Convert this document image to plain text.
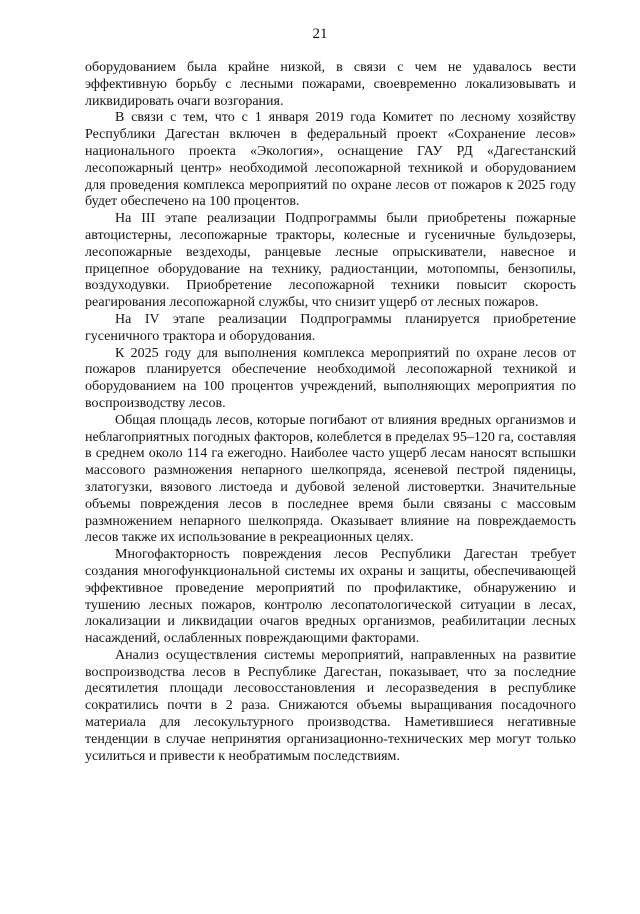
21

оборудованием была крайне низкой, в связи с чем не удавалось вести эффективную борьбу с лесными пожарами, своевременно локализовывать и ликвидировать очаги возгорания.

В связи с тем, что с 1 января 2019 года Комитет по лесному хозяйству Республики Дагестан включен в федеральный проект «Сохранение лесов» национального проекта «Экология», оснащение ГАУ РД «Дагестанский лесопожарный центр» необходимой лесопожарной техникой и оборудованием для проведения комплекса мероприятий по охране лесов от пожаров к 2025 году будет обеспечено на 100 процентов.

На III этапе реализации Подпрограммы были приобретены пожарные автоцистерны, лесопожарные тракторы, колесные и гусеничные бульдозеры, лесопожарные вездеходы, ранцевые лесные опрыскиватели, навесное и прицепное оборудование на технику, радиостанции, мотопомпы, бензопилы, воздуходувки. Приобретение лесопожарной техники повысит скорость реагирования лесопожарной службы, что снизит ущерб от лесных пожаров.

На IV этапе реализации Подпрограммы планируется приобретение гусеничного трактора и оборудования.

К 2025 году для выполнения комплекса мероприятий по охране лесов от пожаров планируется обеспечение необходимой лесопожарной техникой и оборудованием на 100 процентов учреждений, выполняющих мероприятия по воспроизводству лесов.

Общая площадь лесов, которые погибают от влияния вредных организмов и неблагоприятных погодных факторов, колеблется в пределах 95–120 га, составляя в среднем около 114 га ежегодно. Наиболее часто ущерб лесам наносят вспышки массового размножения непарного шелкопряда, ясеневой пестрой пяденицы, златогузки, вязового листоеда и дубовой зеленой листовертки. Значительные объемы повреждения лесов в последнее время были связаны с массовым размножением непарного шелкопряда. Оказывает влияние на повреждаемость лесов также их использование в рекреационных целях.

Многофакторность повреждения лесов Республики Дагестан требует создания многофункциональной системы их охраны и защиты, обеспечивающей эффективное проведение мероприятий по профилактике, обнаружению и тушению лесных пожаров, контролю лесопатологической ситуации в лесах, локализации и ликвидации очагов вредных организмов, реабилитации лесных насаждений, ослабленных повреждающими факторами.

Анализ осуществления системы мероприятий, направленных на развитие воспроизводства лесов в Республике Дагестан, показывает, что за последние десятилетия площади лесовосстановления и лесоразведения в республике сократились почти в 2 раза. Снижаются объемы выращивания посадочного материала для лесокультурного производства. Наметившиеся негативные тенденции в случае непринятия организационно-технических мер могут только усилиться и привести к необратимым последствиям.
